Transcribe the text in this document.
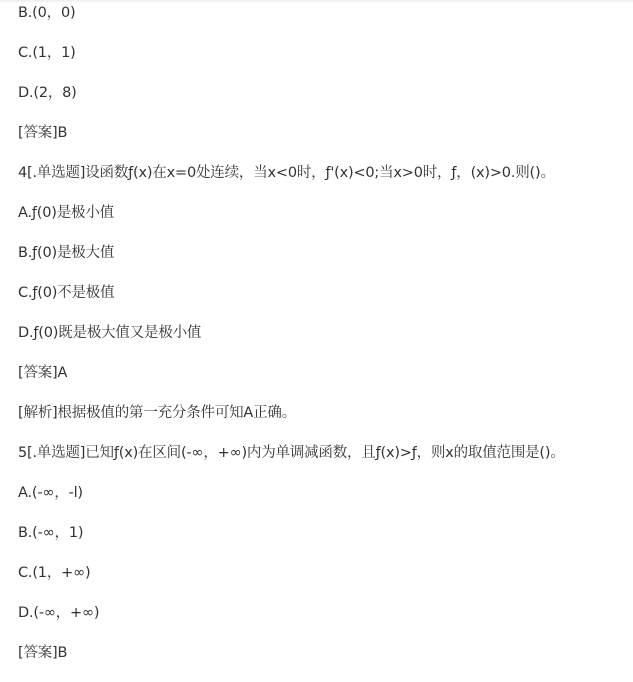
B.(0，0)
C.(1，1)
D.(2，8)
[答案]B
4[.单选题]设函数ƒ(x)在x=0处连续，当x<0时，ƒ'(x)<0;当x>0时，ƒ，(x)>0.则()。
A.ƒ(0)是极小值
B.ƒ(0)是极大值
C.ƒ(0)不是极值
D.ƒ(0)既是极大值又是极小值
[答案]A
[解析]根据极值的第一充分条件可知A正确。
5[.单选题]已知ƒ(x)在区间(-∞，+∞)内为单调减函数，且ƒ(x)>ƒ，则x的取值范围是()。
A.(-∞，-l)
B.(-∞，1)
C.(1，+∞)
D.(-∞，+∞)
[答案]B
